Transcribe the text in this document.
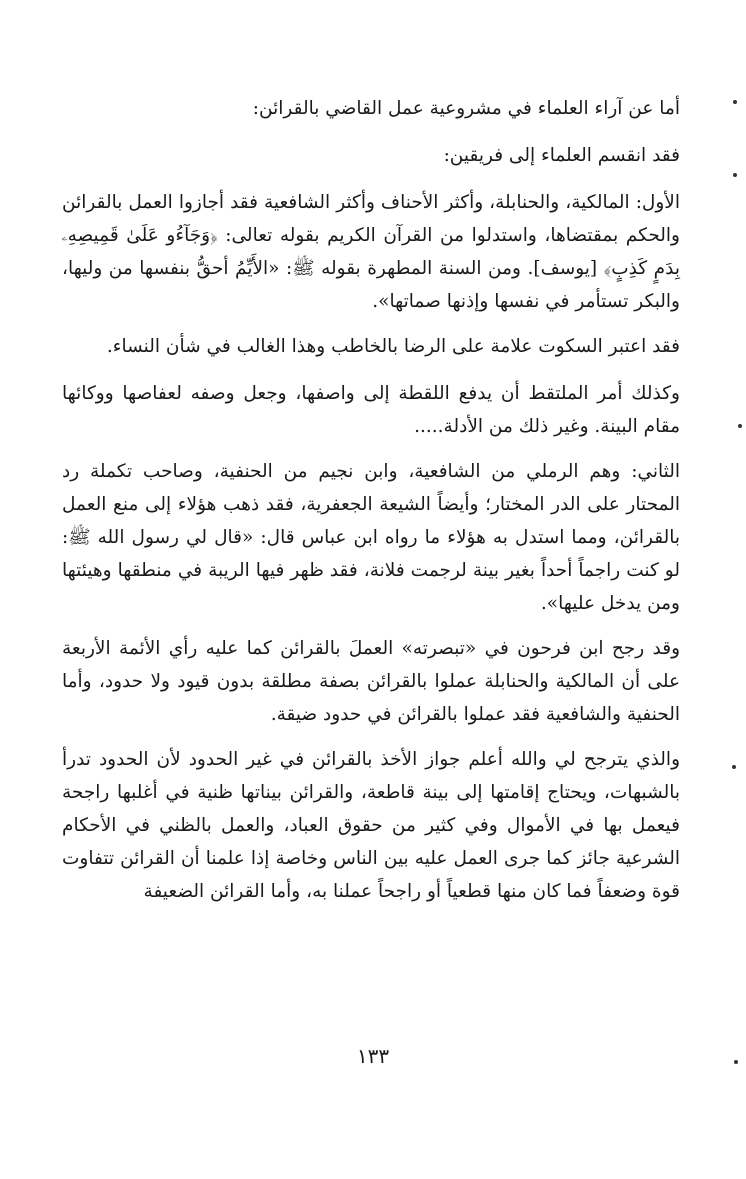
أما عن آراء العلماء في مشروعية عمل القاضي بالقرائن:

فقد انقسم العلماء إلى فريقين:

الأول: المالكية، والحنابلة، وأكثر الأحناف وأكثر الشافعية فقد أجازوا العمل بالقرائن والحكم بمقتضاها، واستدلوا من القرآن الكريم بقوله تعالى: ﴿وَجَآءُو عَلَىٰ قَمِيصِهِۦ بِدَمٍ كَذِبٍ﴾ [يوسف]. ومن السنة المطهرة بقوله ﷺ: «الأَيِّمُ أحقُّ بنفسها من وليها، والبكر تستأمر في نفسها وإذنها صماتها».

فقد اعتبر السكوت علامة على الرضا بالخاطب وهذا الغالب في شأن النساء.

وكذلك أمر الملتقط أن يدفع اللقطة إلى واصفها، وجعل وصفه لعفاصها ووكائها مقام البينة. وغير ذلك من الأدلة.....

الثاني: وهم الرملي من الشافعية، وابن نجيم من الحنفية، وصاحب تكملة رد المحتار على الدر المختار؛ وأيضاً الشيعة الجعفرية، فقد ذهب هؤلاء إلى منع العمل بالقرائن، ومما استدل به هؤلاء ما رواه ابن عباس قال: «قال لي رسول الله ﷺ: لو كنت راجماً أحداً بغير بينة لرجمت فلانة، فقد ظهر فيها الريبة في منطقها وهيئتها ومن يدخل عليها».

وقد رجح ابن فرحون في «تبصرته» العملَ بالقرائن كما عليه رأي الأئمة الأربعة على أن المالكية والحنابلة عملوا بالقرائن بصفة مطلقة بدون قيود ولا حدود، وأما الحنفية والشافعية فقد عملوا بالقرائن في حدود ضيقة.

والذي يترجح لي والله أعلم جواز الأخذ بالقرائن في غير الحدود لأن الحدود تدرأ بالشبهات، ويحتاج إقامتها إلى بينة قاطعة، والقرائن بيناتها ظنية في أغلبها راجحة فيعمل بها في الأموال وفي كثير من حقوق العباد، والعمل بالظني في الأحكام الشرعية جائز كما جرى العمل عليه بين الناس وخاصة إذا علمنا أن القرائن تتفاوت قوة وضعفاً فما كان منها قطعياً أو راجحاً عملنا به، وأما القرائن الضعيفة

١٣٣
